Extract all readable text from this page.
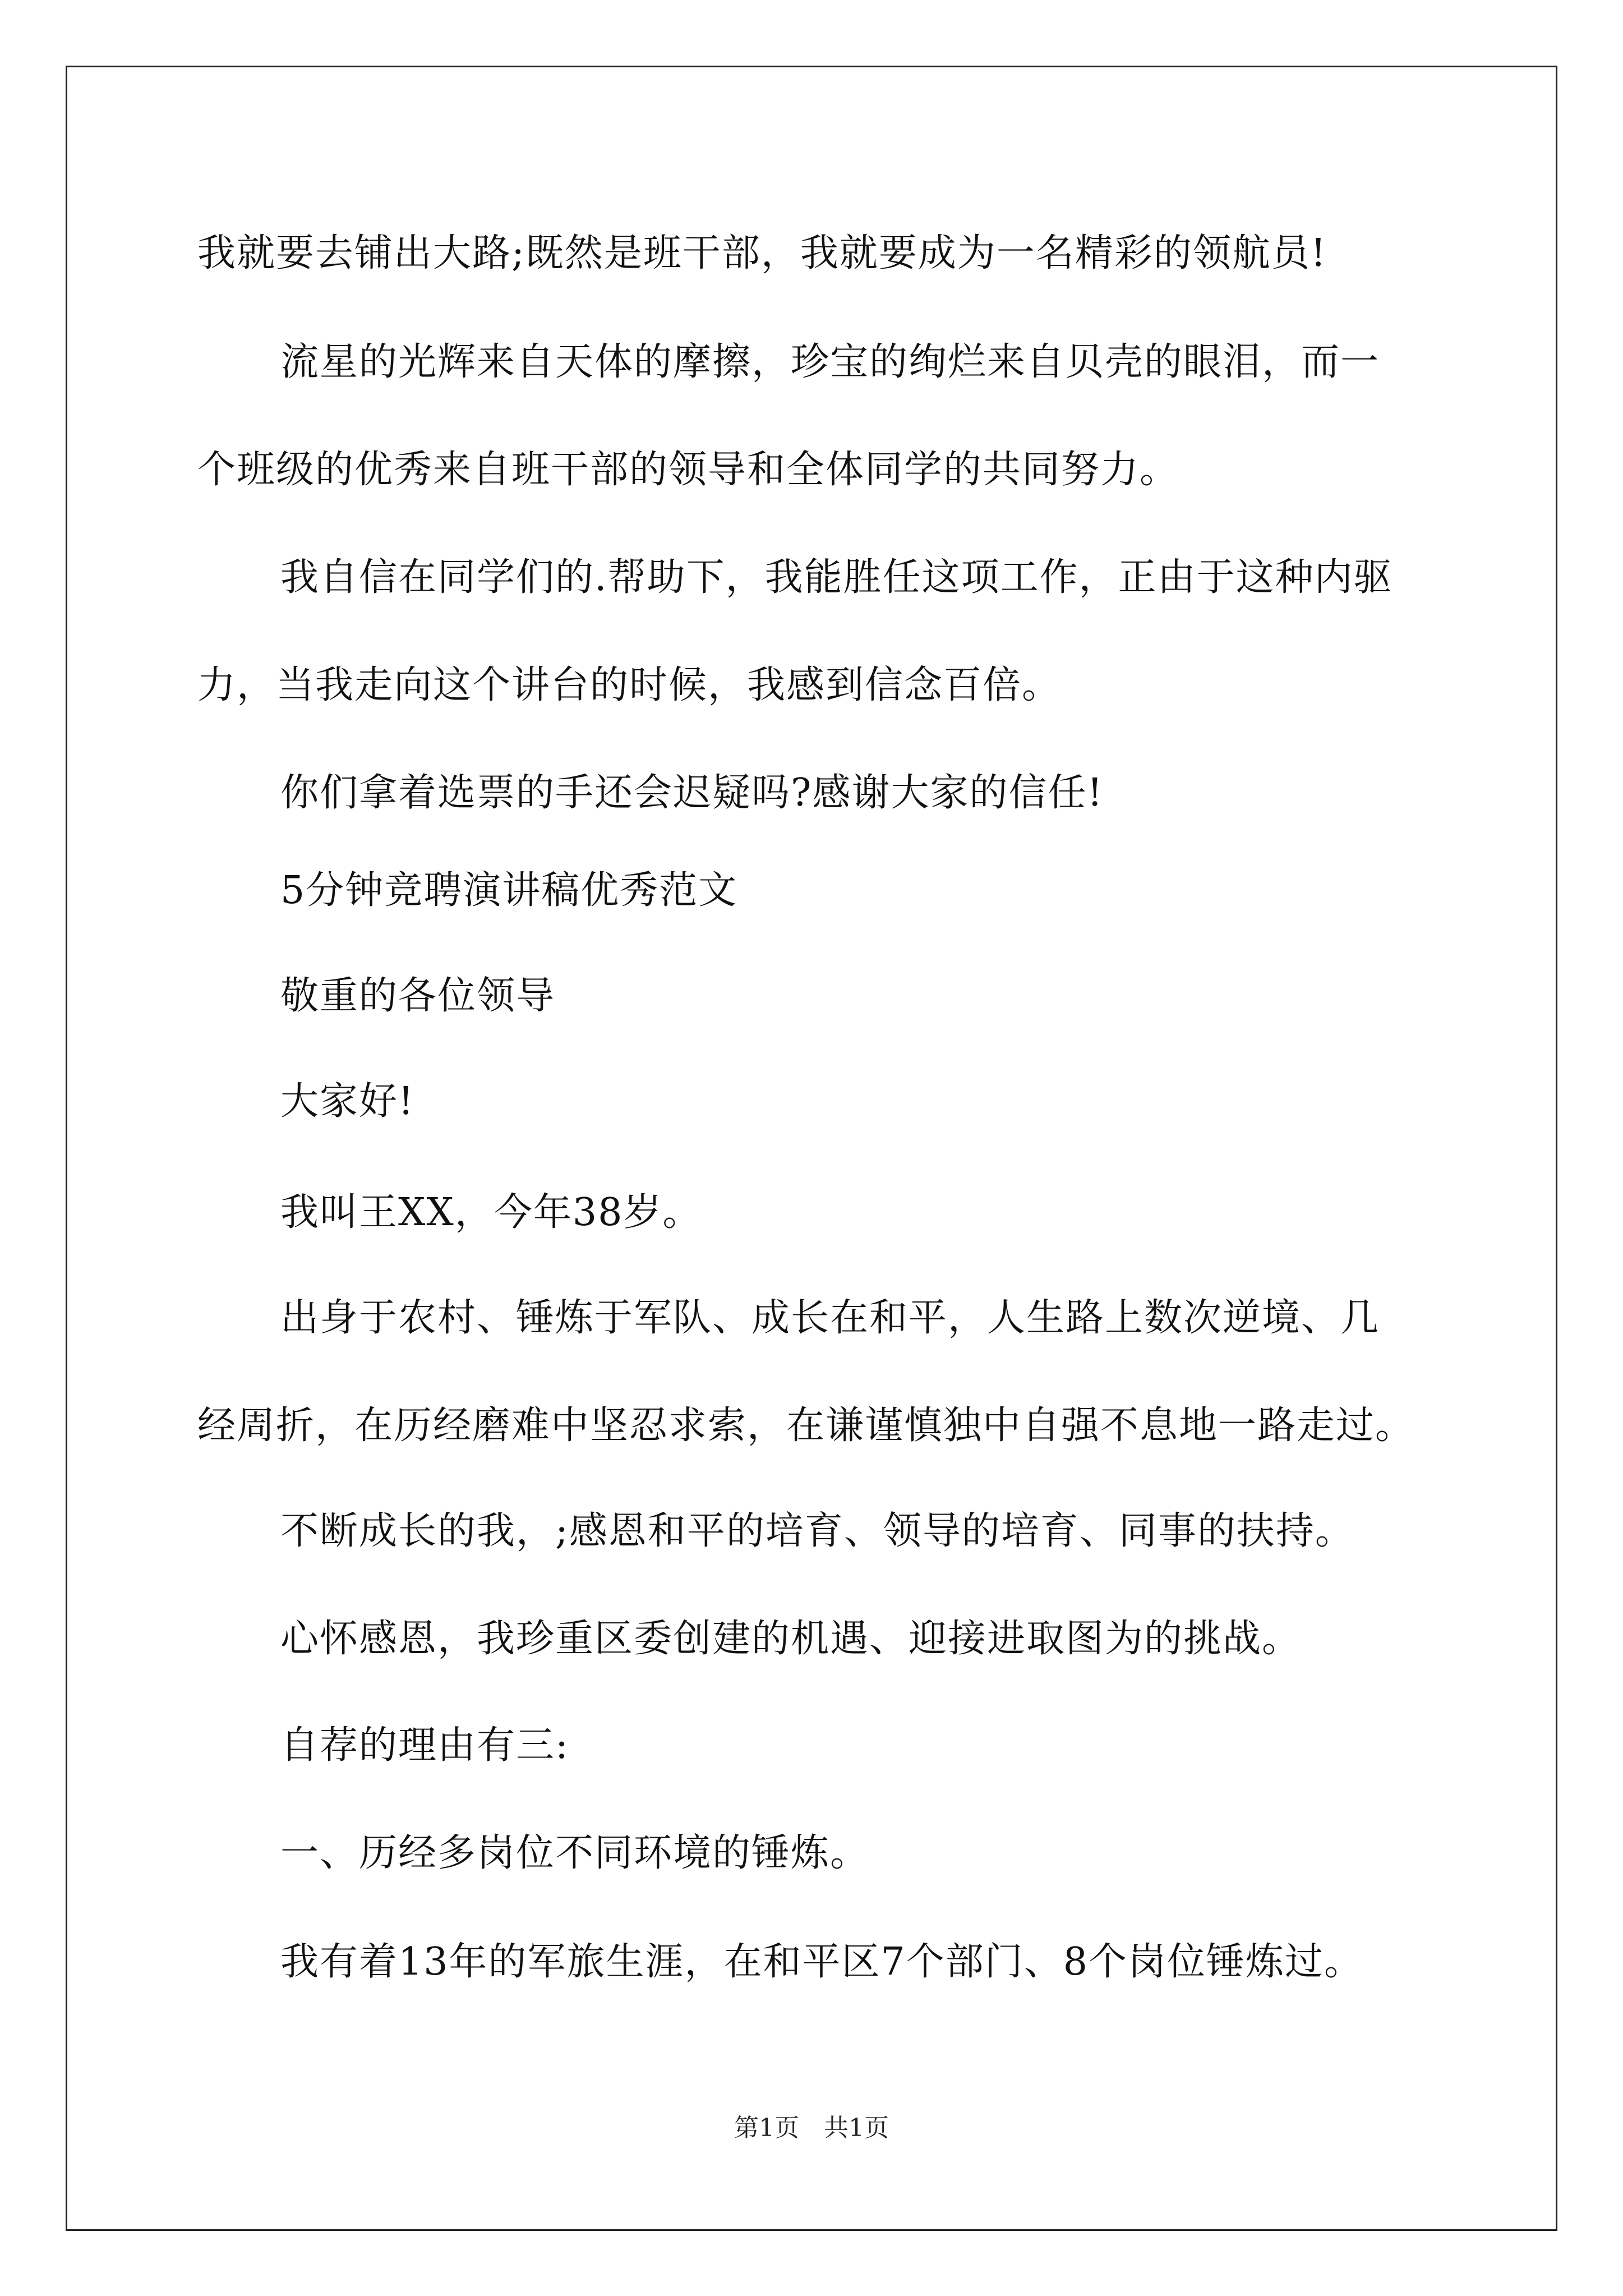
我就要去铺出大路;既然是班干部，我就要成为一名精彩的领航员!
流星的光辉来自天体的摩擦，珍宝的绚烂来自贝壳的眼泪，而一
个班级的优秀来自班干部的领导和全体同学的共同努力。
我自信在同学们的.帮助下，我能胜任这项工作，正由于这种内驱
力，当我走向这个讲台的时候，我感到信念百倍。
你们拿着选票的手还会迟疑吗?感谢大家的信任!
5分钟竞聘演讲稿优秀范文
敬重的各位领导
大家好!
我叫王XX，今年38岁。
出身于农村、锤炼于军队、成长在和平，人生路上数次逆境、几
经周折，在历经磨难中坚忍求索，在谦谨慎独中自强不息地一路走过。
不断成长的我，;感恩和平的培育、领导的培育、同事的扶持。
心怀感恩，我珍重区委创建的机遇、迎接进取图为的挑战。
自荐的理由有三:
一、历经多岗位不同环境的锤炼。
我有着13年的军旅生涯，在和平区7个部门、8个岗位锤炼过。
第1页　共1页
